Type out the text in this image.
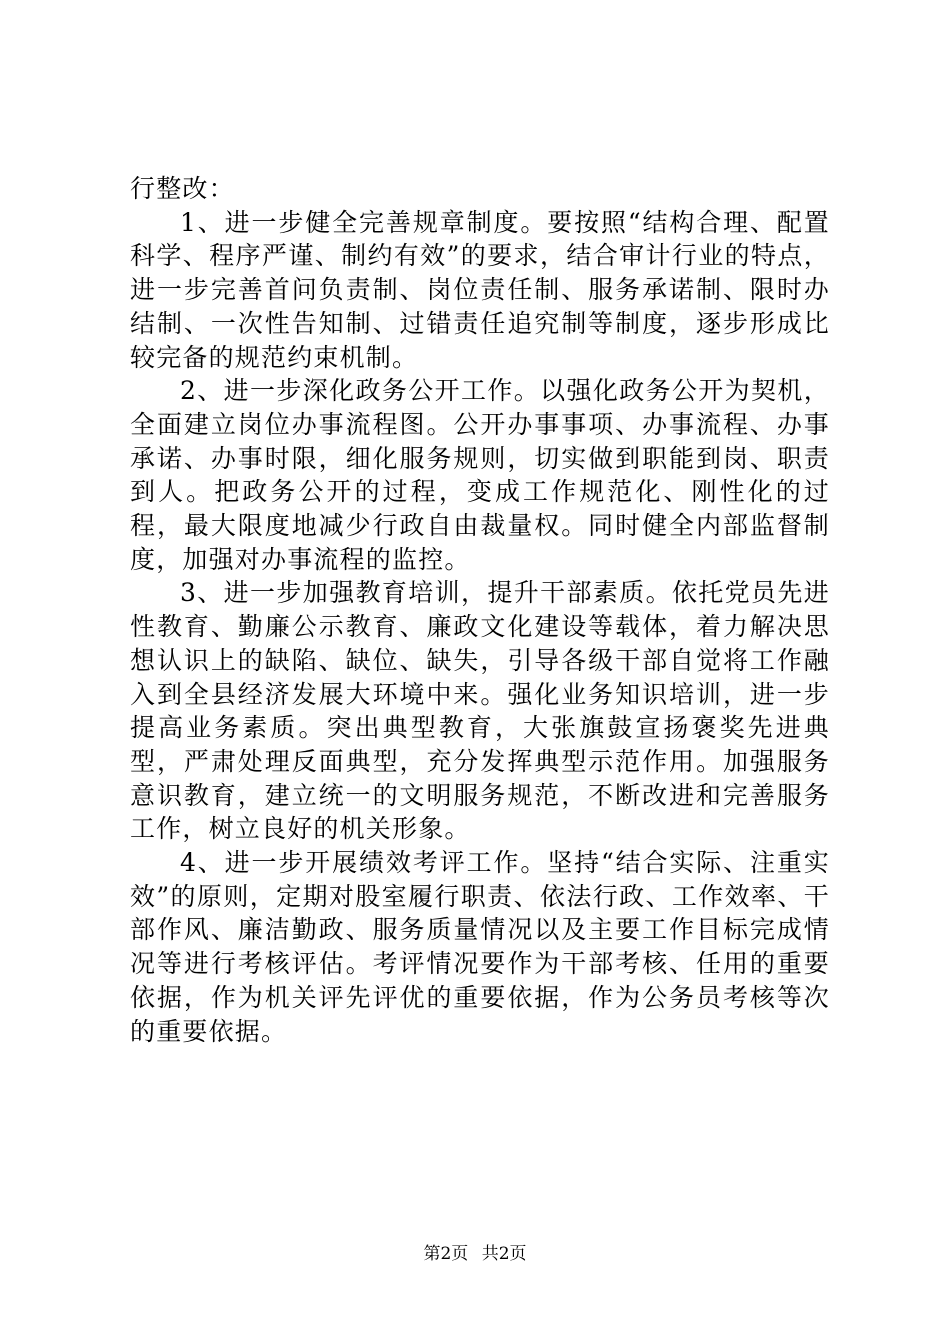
行整改：

1、进一步健全完善规章制度。要按照“结构合理、配置科学、程序严谨、制约有效”的要求，结合审计行业的特点，进一步完善首问负责制、岗位责任制、服务承诺制、限时办结制、一次性告知制、过错责任追究制等制度，逐步形成比较完备的规范约束机制。

2、进一步深化政务公开工作。以强化政务公开为契机，全面建立岗位办事流程图。公开办事事项、办事流程、办事承诺、办事时限，细化服务规则，切实做到职能到岗、职责到人。把政务公开的过程，变成工作规范化、刚性化的过程，最大限度地减少行政自由裁量权。同时健全内部监督制度，加强对办事流程的监控。

3、进一步加强教育培训，提升干部素质。依托党员先进性教育、勤廉公示教育、廉政文化建设等载体，着力解决思想认识上的缺陷、缺位、缺失，引导各级干部自觉将工作融入到全县经济发展大环境中来。强化业务知识培训，进一步提高业务素质。突出典型教育，大张旗鼓宣扬褒奖先进典型，严肃处理反面典型，充分发挥典型示范作用。加强服务意识教育，建立统一的文明服务规范，不断改进和完善服务工作，树立良好的机关形象。

4、进一步开展绩效考评工作。坚持“结合实际、注重实效”的原则，定期对股室履行职责、依法行政、工作效率、干部作风、廉洁勤政、服务质量情况以及主要工作目标完成情况等进行考核评估。考评情况要作为干部考核、任用的重要依据，作为机关评先评优的重要依据，作为公务员考核等次的重要依据。

第2页 共2页
